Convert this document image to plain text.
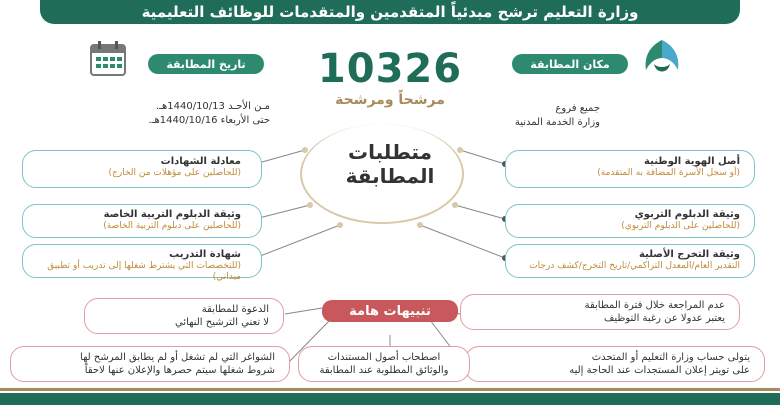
وزارة التعليم ترشح مبدئياً المتقدمين والمتقدمات للوظائف التعليمية
تاريخ المطابقة
مـن الأحـد 1440/10/13هـ.
حتى الأربعاء 1440/10/16هـ.
10326
مرشحاً ومرشحة
مكان المطابقة
جميع فروع
وزارة الخدمة المدنية
متطلبات
المطابقة
أصل الهوية الوطنية
(أو سجل الأسرة المضافة به المتقدمة)
وثيقة الدبلوم التربوي
(للحاصلين على الدبلوم التربوي)
وثيقة التخرج الأصلية
التقدير العام/المعدل التراكمي/تاريخ التخرج/كشف درجات
معادلة الشهادات
(للحاصلين على مؤهلات من الخارج)
وثيقة الدبلوم التربية الخاصة
(للحاصلين على دبلوم التربية الخاصة)
شهادة التدريب
(للتخصصات التي يشترط شغلها إلى تدريب أو تطبيق ميداني)
تنبيهات هامة	عدم المراجعة خلال فترة المطابقة
يعتبر عدولا عن رغبة التوظيف
يتولى حساب وزارة التعليم أو المتحدث
على تويتر إعلان المستجدات عند الحاجة إليه
اصطحاب أصول المستندات
والوثائق المطلوبة عند المطابقة
الدعوة للمطابقة
لا تعني الترشيح النهائي
الشواغر التي لم تشغل أو لم يطابق المرشح لها
شروط شغلها سيتم حصرها والإعلان عنها لاحقاً
